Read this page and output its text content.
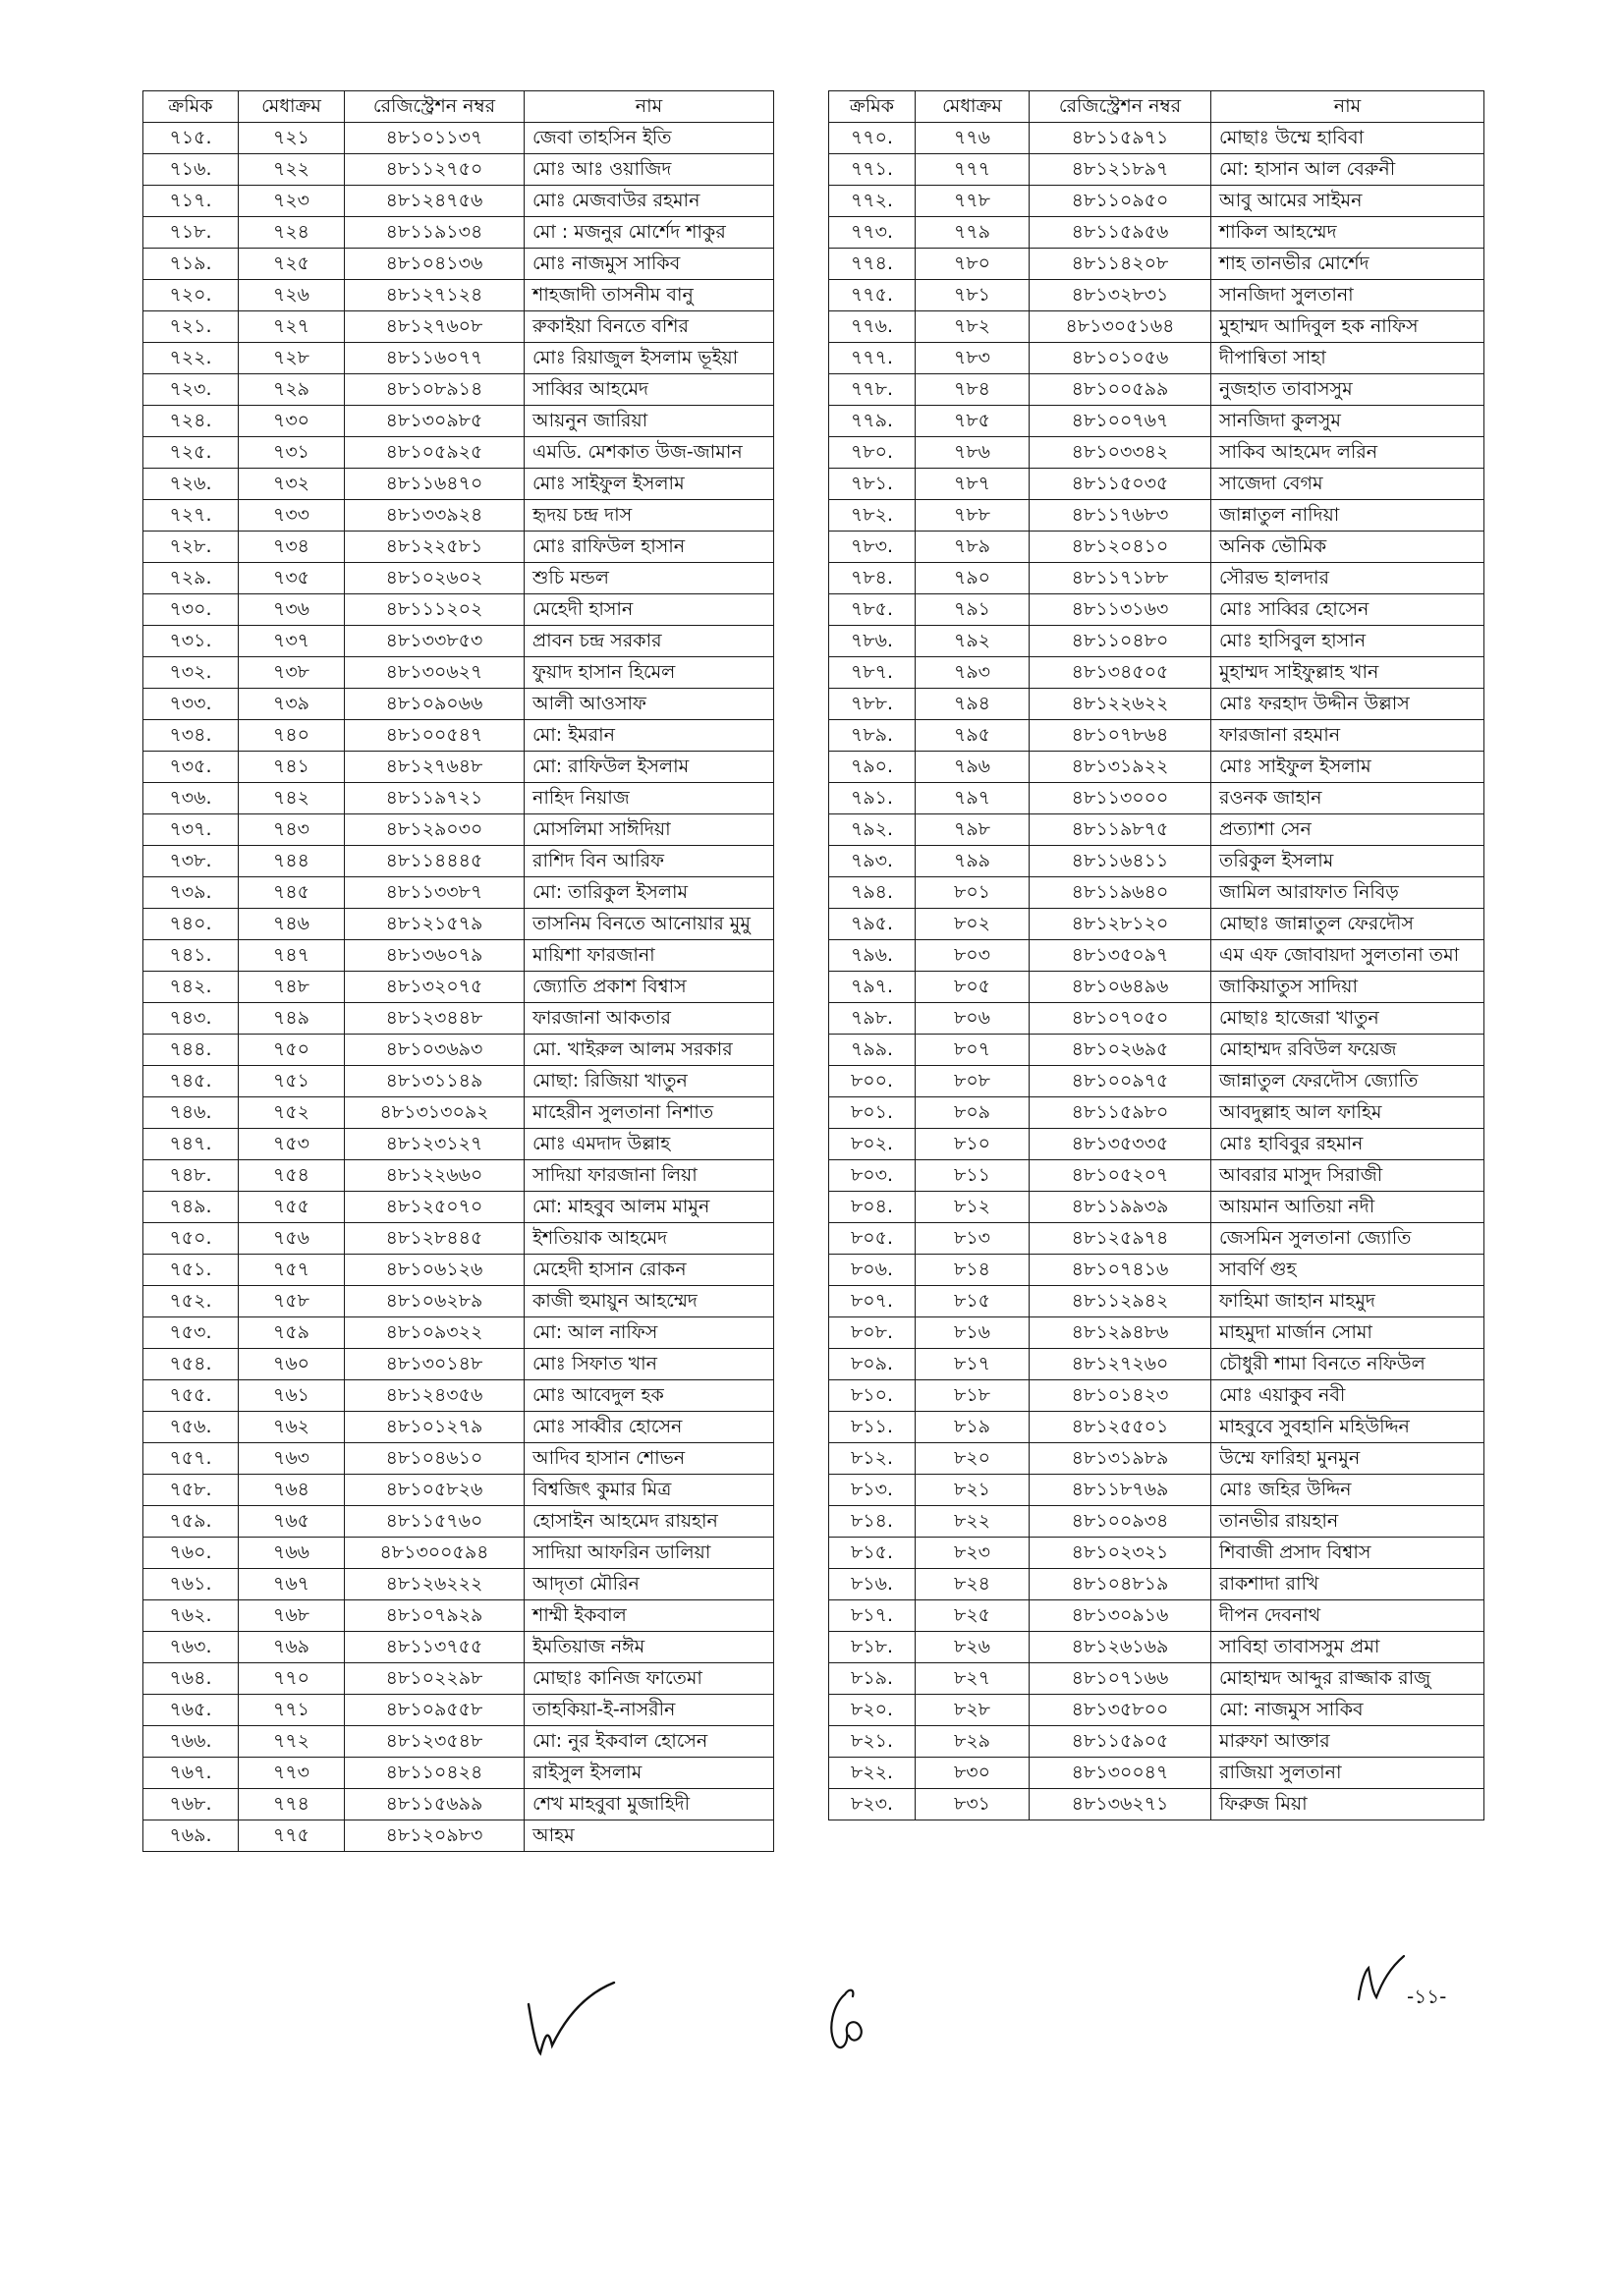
ক্রমিক	মেধাক্রম	রেজিস্ট্রেশন নম্বর	নাম
৭১৫.	৭২১	৪৮১০১১৩৭	জেবা তাহসিন ইতি
৭১৬.	৭২২	৪৮১১২৭৫০	মোঃ আঃ ওয়াজিদ
৭১৭.	৭২৩	৪৮১২৪৭৫৬	মোঃ মেজবাউর রহমান
৭১৮.	৭২৪	৪৮১১৯১৩৪	মো : মজনুর মোর্শেদ শাকুর
৭১৯.	৭২৫	৪৮১০৪১৩৬	মোঃ নাজমুস সাকিব
৭২০.	৭২৬	৪৮১২৭১২৪	শাহজাদী তাসনীম বানু
৭২১.	৭২৭	৪৮১২৭৬০৮	রুকাইয়া বিনতে বশির
৭২২.	৭২৮	৪৮১১৬০৭৭	মোঃ রিয়াজুল ইসলাম ভূইয়া
৭২৩.	৭২৯	৪৮১০৮৯১৪	সাব্বির আহমেদ
৭২৪.	৭৩০	৪৮১৩০৯৮৫	আয়নুন জারিয়া
৭২৫.	৭৩১	৪৮১০৫৯২৫	এমডি. মেশকাত উজ-জামান
৭২৬.	৭৩২	৪৮১১৬৪৭০	মোঃ সাইফুল ইসলাম
৭২৭.	৭৩৩	৪৮১৩৩৯২৪	হৃদয় চন্দ্র দাস
৭২৮.	৭৩৪	৪৮১২২৫৮১	মোঃ রাফিউল হাসান
৭২৯.	৭৩৫	৪৮১০২৬০২	শুচি মন্ডল
৭৩০.	৭৩৬	৪৮১১১২০২	মেহেদী হাসান
৭৩১.	৭৩৭	৪৮১৩৩৮৫৩	প্রাবন চন্দ্র সরকার
৭৩২.	৭৩৮	৪৮১৩০৬২৭	ফুয়াদ হাসান হিমেল
৭৩৩.	৭৩৯	৪৮১০৯০৬৬	আলী আওসাফ
৭৩৪.	৭৪০	৪৮১০০৫৪৭	মো: ইমরান
৭৩৫.	৭৪১	৪৮১২৭৬৪৮	মো: রাফিউল ইসলাম
৭৩৬.	৭৪২	৪৮১১৯৭২১	নাহিদ নিয়াজ
৭৩৭.	৭৪৩	৪৮১২৯০৩০	মোসলিমা সাঈদিয়া
৭৩৮.	৭৪৪	৪৮১১৪৪৪৫	রাশিদ বিন আরিফ
৭৩৯.	৭৪৫	৪৮১১৩৩৮৭	মো: তারিকুল ইসলাম
৭৪০.	৭৪৬	৪৮১২১৫৭৯	তাসনিম বিনতে আনোয়ার মুমু
৭৪১.	৭৪৭	৪৮১৩৬০৭৯	মায়িশা ফারজানা
৭৪২.	৭৪৮	৪৮১৩২০৭৫	জ্যোতি প্রকাশ বিশ্বাস
৭৪৩.	৭৪৯	৪৮১২৩৪৪৮	ফারজানা আকতার
৭৪৪.	৭৫০	৪৮১০৩৬৯৩	মো. খাইরুল আলম সরকার
৭৪৫.	৭৫১	৪৮১৩১১৪৯	মোছা: রিজিয়া খাতুন
৭৪৬.	৭৫২	৪৮১৩১৩০৯২	মাহেরীন সুলতানা নিশাত
৭৪৭.	৭৫৩	৪৮১২৩১২৭	মোঃ এমদাদ উল্লাহ
৭৪৮.	৭৫৪	৪৮১২২৬৬০	সাদিয়া ফারজানা লিয়া
৭৪৯.	৭৫৫	৪৮১২৫০৭০	মো: মাহবুব আলম মামুন
৭৫০.	৭৫৬	৪৮১২৮৪৪৫	ইশতিয়াক আহমেদ
৭৫১.	৭৫৭	৪৮১০৬১২৬	মেহেদী হাসান রোকন
৭৫২.	৭৫৮	৪৮১০৬২৮৯	কাজী হুমায়ুন আহম্মেদ
৭৫৩.	৭৫৯	৪৮১০৯৩২২	মো: আল নাফিস
৭৫৪.	৭৬০	৪৮১৩০১৪৮	মোঃ সিফাত খান
৭৫৫.	৭৬১	৪৮১২৪৩৫৬	মোঃ আবেদুল হক
৭৫৬.	৭৬২	৪৮১০১২৭৯	মোঃ সাব্বীর হোসেন
৭৫৭.	৭৬৩	৪৮১০৪৬১০	আদিব হাসান শোভন
৭৫৮.	৭৬৪	৪৮১০৫৮২৬	বিশ্বজিৎ কুমার মিত্র
৭৫৯.	৭৬৫	৪৮১১৫৭৬০	হোসাইন আহমেদ রায়হান
৭৬০.	৭৬৬	৪৮১৩০০৫৯৪	সাদিয়া আফরিন ডালিয়া
৭৬১.	৭৬৭	৪৮১২৬২২২	আদৃতা মৌরিন
৭৬২.	৭৬৮	৪৮১০৭৯২৯	শাম্মী ইকবাল
৭৬৩.	৭৬৯	৪৮১১৩৭৫৫	ইমতিয়াজ নঈম
৭৬৪.	৭৭০	৪৮১০২২৯৮	মোছাঃ কানিজ ফাতেমা
৭৬৫.	৭৭১	৪৮১০৯৫৫৮	তাহকিয়া-ই-নাসরীন
৭৬৬.	৭৭২	৪৮১২৩৫৪৮	মো: নুর ইকবাল হোসেন
৭৬৭.	৭৭৩	৪৮১১০৪২৪	রাইসুল ইসলাম
৭৬৮.	৭৭৪	৪৮১১৫৬৯৯	শেখ মাহবুবা মুজাহিদী
৭৬৯.	৭৭৫	৪৮১২০৯৮৩	আহম
ক্রমিক	মেধাক্রম	রেজিস্ট্রেশন নম্বর	নাম
৭৭০.	৭৭৬	৪৮১১৫৯৭১	মোছাঃ উম্মে হাবিবা
৭৭১.	৭৭৭	৪৮১২১৮৯৭	মো: হাসান আল বেরুনী
৭৭২.	৭৭৮	৪৮১১০৯৫০	আবু আমের সাইমন
৭৭৩.	৭৭৯	৪৮১১৫৯৫৬	শাকিল আহম্মেদ
৭৭৪.	৭৮০	৪৮১১৪২০৮	শাহ তানভীর মোর্শেদ
৭৭৫.	৭৮১	৪৮১৩২৮৩১	সানজিদা সুলতানা
৭৭৬.	৭৮২	৪৮১৩০৫১৬৪	মুহাম্মদ আদিবুল হক নাফিস
৭৭৭.	৭৮৩	৪৮১০১০৫৬	দীপান্বিতা সাহা
৭৭৮.	৭৮৪	৪৮১০০৫৯৯	নুজহাত তাবাসসুম
৭৭৯.	৭৮৫	৪৮১০০৭৬৭	সানজিদা কুলসুম
৭৮০.	৭৮৬	৪৮১০৩৩৪২	সাকিব আহমেদ লরিন
৭৮১.	৭৮৭	৪৮১১৫০৩৫	সাজেদা বেগম
৭৮২.	৭৮৮	৪৮১১৭৬৮৩	জান্নাতুল নাদিয়া
৭৮৩.	৭৮৯	৪৮১২০৪১০	অনিক ভৌমিক
৭৮৪.	৭৯০	৪৮১১৭১৮৮	সৌরভ হালদার
৭৮৫.	৭৯১	৪৮১১৩১৬৩	মোঃ সাব্বির হোসেন
৭৮৬.	৭৯২	৪৮১১০৪৮০	মোঃ হাসিবুল হাসান
৭৮৭.	৭৯৩	৪৮১৩৪৫০৫	মুহাম্মদ সাইফুল্লাহ খান
৭৮৮.	৭৯৪	৪৮১২২৬২২	মোঃ ফরহাদ উদ্দীন উল্লাস
৭৮৯.	৭৯৫	৪৮১০৭৮৬৪	ফারজানা রহমান
৭৯০.	৭৯৬	৪৮১৩১৯২২	মোঃ সাইফুল ইসলাম
৭৯১.	৭৯৭	৪৮১১৩০০০	রওনক জাহান
৭৯২.	৭৯৮	৪৮১১৯৮৭৫	প্রত্যাশা সেন
৭৯৩.	৭৯৯	৪৮১১৬৪১১	তরিকুল ইসলাম
৭৯৪.	৮০১	৪৮১১৯৬৪০	জামিল আরাফাত নিবিড়
৭৯৫.	৮০২	৪৮১২৮১২০	মোছাঃ জান্নাতুল ফেরদৌস
৭৯৬.	৮০৩	৪৮১৩৫০৯৭	এম এফ জোবায়দা সুলতানা তমা
৭৯৭.	৮০৫	৪৮১০৬৪৯৬	জাকিয়াতুস সাদিয়া
৭৯৮.	৮০৬	৪৮১০৭০৫০	মোছাঃ হাজেরা খাতুন
৭৯৯.	৮০৭	৪৮১০২৬৯৫	মোহাম্মদ রবিউল ফয়েজ
৮০০.	৮০৮	৪৮১০০৯৭৫	জান্নাতুল ফেরদৌস জ্যোতি
৮০১.	৮০৯	৪৮১১৫৯৮০	আবদুল্লাহ আল ফাহিম
৮০২.	৮১০	৪৮১৩৫৩৩৫	মোঃ হাবিবুর রহমান
৮০৩.	৮১১	৪৮১০৫২০৭	আবরার মাসুদ সিরাজী
৮০৪.	৮১২	৪৮১১৯৯৩৯	আয়মান আতিয়া নদী
৮০৫.	৮১৩	৪৮১২৫৯৭৪	জেসমিন সুলতানা জ্যোতি
৮০৬.	৮১৪	৪৮১০৭৪১৬	সাবর্ণি গুহ
৮০৭.	৮১৫	৪৮১১২৯৪২	ফাহিমা জাহান মাহমুদ
৮০৮.	৮১৬	৪৮১২৯৪৮৬	মাহমুদা মার্জান সোমা
৮০৯.	৮১৭	৪৮১২৭২৬০	চৌধুরী শামা বিনতে নফিউল
৮১০.	৮১৮	৪৮১০১৪২৩	মোঃ এয়াকুব নবী
৮১১.	৮১৯	৪৮১২৫৫০১	মাহবুবে সুবহানি মহিউদ্দিন
৮১২.	৮২০	৪৮১৩১৯৮৯	উম্মে ফারিহা মুনমুন
৮১৩.	৮২১	৪৮১১৮৭৬৯	মোঃ জহির উদ্দিন
৮১৪.	৮২২	৪৮১০০৯৩৪	তানভীর রায়হান
৮১৫.	৮২৩	৪৮১০২৩২১	শিবাজী প্রসাদ বিশ্বাস
৮১৬.	৮২৪	৪৮১০৪৮১৯	রাকশাদা রাখি
৮১৭.	৮২৫	৪৮১৩০৯১৬	দীপন দেবনাথ
৮১৮.	৮২৬	৪৮১২৬১৬৯	সাবিহা তাবাসসুম প্রমা
৮১৯.	৮২৭	৪৮১০৭১৬৬	মোহাম্মদ আব্দুর রাজ্জাক রাজু
৮২০.	৮২৮	৪৮১৩৫৮০০	মো: নাজমুস সাকিব
৮২১.	৮২৯	৪৮১১৫৯০৫	মারুফা আক্তার
৮২২.	৮৩০	৪৮১৩০০৪৭	রাজিয়া সুলতানা
৮২৩.	৮৩১	৪৮১৩৬২৭১	ফিরুজ মিয়া
-১১-
